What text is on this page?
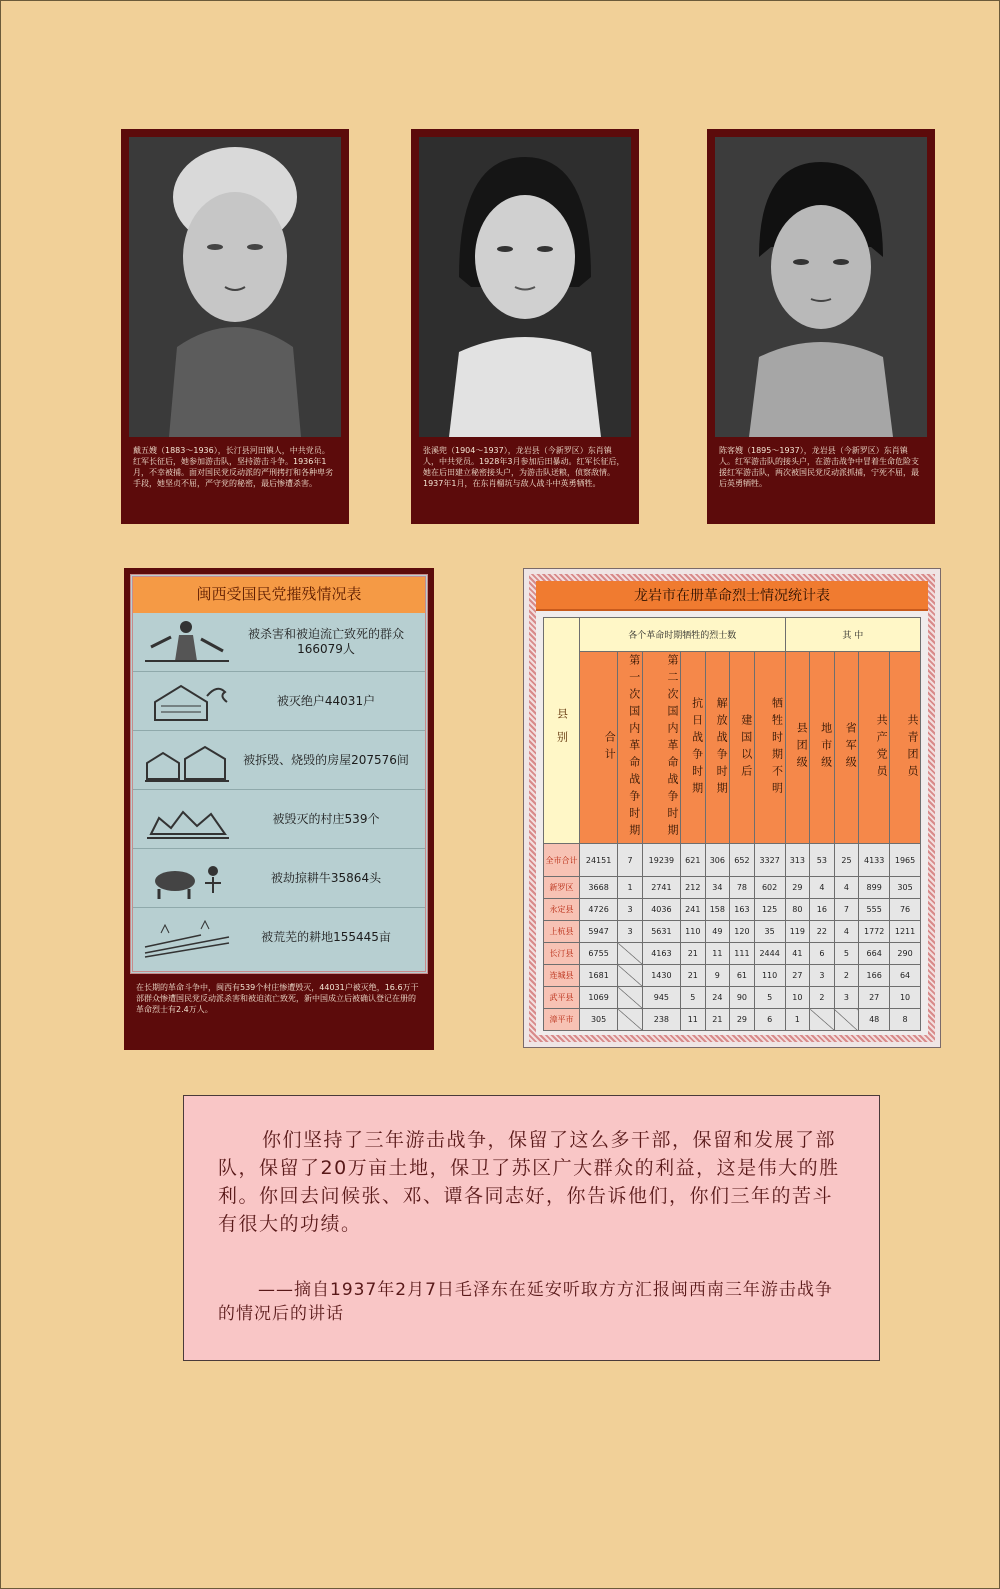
戴五嫂（1883～1936），长汀县河田镇人，中共党员。红军长征后，她参加游击队，坚持游击斗争。1936年1月，不幸被捕。面对国民党反动派的严刑拷打和各种卑劣手段，她坚贞不屈，严守党的秘密，最后惨遭杀害。
张溪兜（1904～1937），龙岩县（今新罗区）东肖镇人，中共党员。1928年3月参加后田暴动。红军长征后，她在后田建立秘密接头户，为游击队送粮，侦察敌情。1937年1月，在东肖榴坑与敌人战斗中英勇牺牲。
陈客嫂（1895～1937），龙岩县（今新罗区）东肖镇人。红军游击队的接头户，在游击战争中冒着生命危险支援红军游击队，两次被国民党反动派抓捕，宁死不屈，最后英勇牺牲。
闽西受国民党摧残情况表
被杀害和被迫流亡致死的群众166079人
被灭绝户44031户
被拆毁、烧毁的房屋207576间
被毁灭的村庄539个
被劫掠耕牛35864头
被荒芜的耕地155445亩
在长期的革命斗争中，闽西有539个村庄惨遭毁灭，44031户被灭绝，16.6万干部群众惨遭国民党反动派杀害和被迫流亡致死，新中国成立后被确认登记在册的革命烈士有2.4万人。
龙岩市在册革命烈士情况统计表
县别	各个革命时期牺牲的烈士数							其 中				
	合计	第一次国内革命战争时期	第二次国内革命战争时期	抗日战争时期	解放战争时期	建国以后	牺牲时期不明	县团级	地市级	省军级	共产党员	共青团员
全市合计	24151	7	19239	621	306	652	3327	313	53	25	4133	1965
新罗区	3668	1	2741	212	34	78	602	29	4	4	899	305
永定县	4726	3	4036	241	158	163	125	80	16	7	555	76
上杭县	5947	3	5631	110	49	120	35	119	22	4	1772	1211
长汀县	6755		4163	21	11	111	2444	41	6	5	664	290
连城县	1681		1430	21	9	61	110	27	3	2	166	64
武平县	1069		945	5	24	90	5	10	2	3	27	10
漳平市	305		238	11	21	29	6	1			48	8

你们坚持了三年游击战争，保留了这么多干部，保留和发展了部队，保留了20万亩土地，保卫了苏区广大群众的利益，这是伟大的胜利。你回去问候张、邓、谭各同志好，你告诉他们，你们三年的苦斗有很大的功绩。

——摘自1937年2月7日毛泽东在延安听取方方汇报闽西南三年游击战争的情况后的讲话
